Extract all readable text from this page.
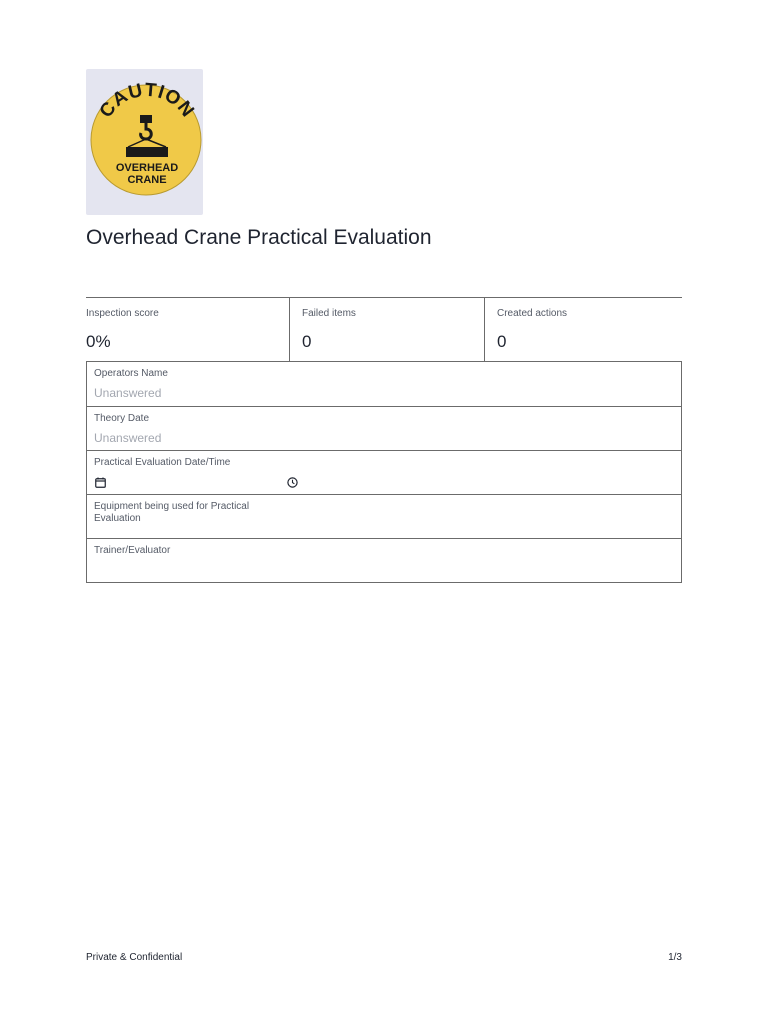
CAUTION
OVERHEAD
CRANE
Overhead Crane Practical Evaluation
Inspection score
0%
Failed items
0
Created actions
0
Operators Name
Unanswered
Theory Date
Unanswered
Practical Evaluation Date/Time
Equipment being used for Practical Evaluation
Trainer/Evaluator
Private & Confidential	1/3
